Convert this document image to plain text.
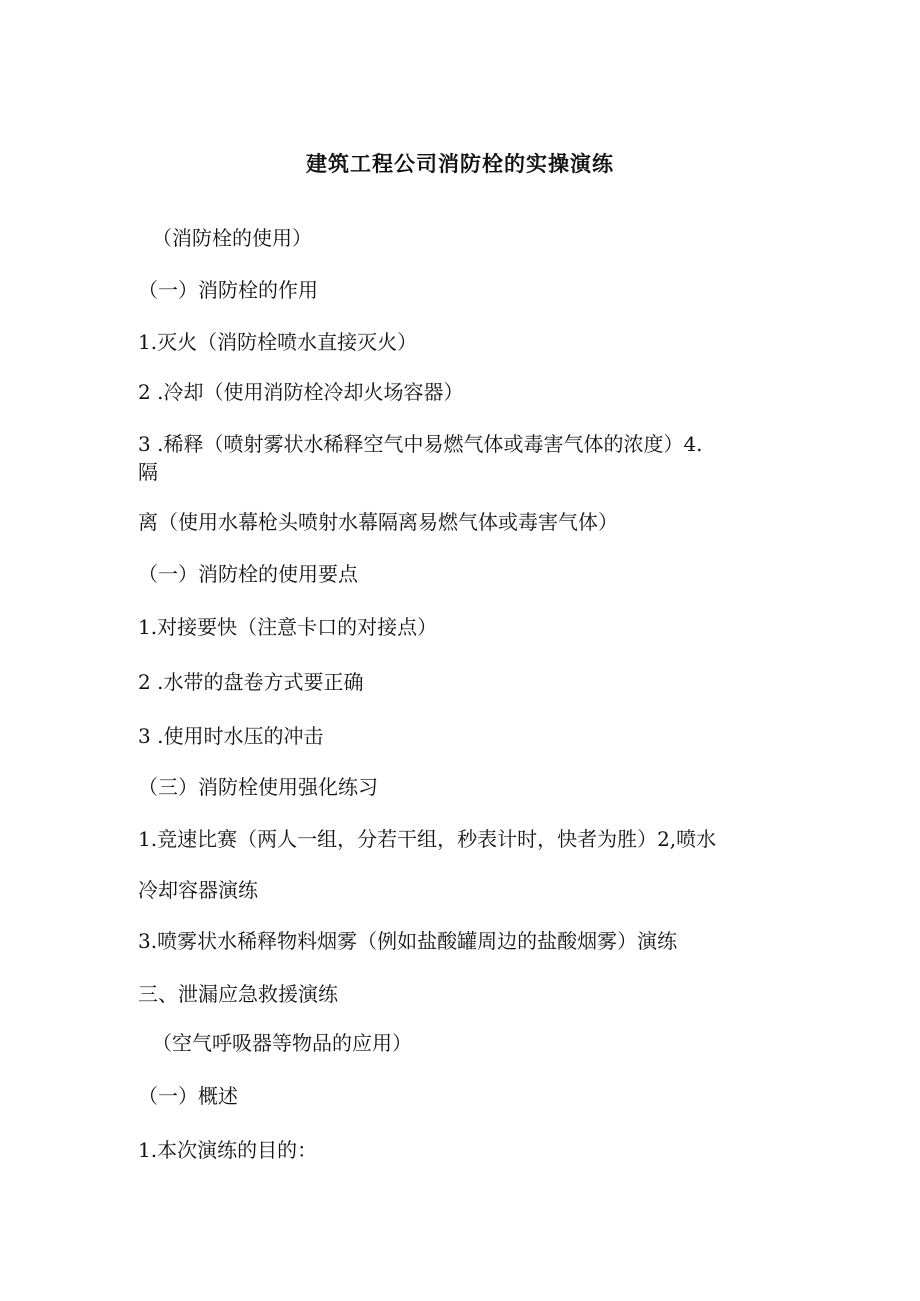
建筑工程公司消防栓的实操演练
（消防栓的使用）
（一）消防栓的作用
1.灭火（消防栓喷水直接灭火）
2 .冷却（使用消防栓冷却火场容器）
3 .稀释（喷射雾状水稀释空气中易燃气体或毒害气体的浓度）4.
隔
离（使用水幕枪头喷射水幕隔离易燃气体或毒害气体）
（一）消防栓的使用要点
1.对接要快（注意卡口的对接点）
2 .水带的盘卷方式要正确
3 .使用时水压的冲击
（三）消防栓使用强化练习
1.竞速比赛（两人一组，分若干组，秒表计时，快者为胜）2,喷水
冷却容器演练
3.喷雾状水稀释物料烟雾（例如盐酸罐周边的盐酸烟雾）演练
三、泄漏应急救援演练
（空气呼吸器等物品的应用）
（一）概述
1.本次演练的目的：
